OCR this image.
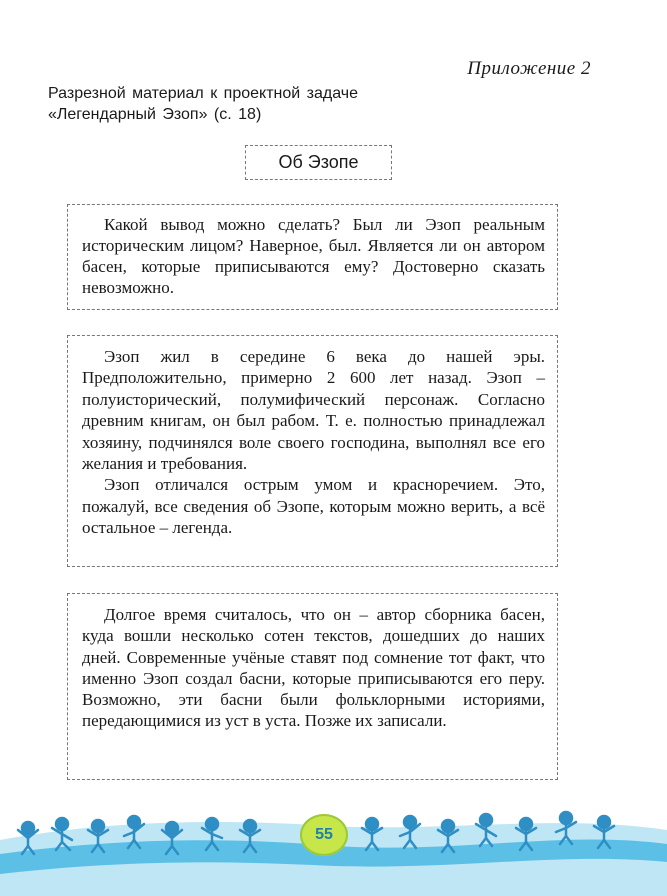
Приложение 2
Разрезной материал к проектной задаче
«Легендарный Эзоп» (с. 18)
Об Эзопе

Какой вывод можно сделать? Был ли Эзоп реальным историческим лицом? Наверное, был. Является ли он автором басен, которые приписываются ему? Достоверно сказать невозможно.

Эзоп жил в середине 6 века до нашей эры. Предположительно, примерно 2 600 лет назад. Эзоп – полуисторический, полумифический персонаж. Согласно древним книгам, он был рабом. Т. е. полностью принадлежал хозяину, подчинялся воле своего господина, выполнял все его желания и требования.

Эзоп отличался острым умом и красноречием. Это, пожалуй, все сведения об Эзопе, которым можно верить, а всё остальное – легенда.

Долгое время считалось, что он – автор сборника басен, куда вошли несколько сотен текстов, дошедших до наших дней. Современные учёные ставят под сомнение тот факт, что именно Эзоп создал басни, которые приписываются его перу. Возможно, эти басни были фольклорными историями, передающимися из уст в уста. Позже их записали.

55
